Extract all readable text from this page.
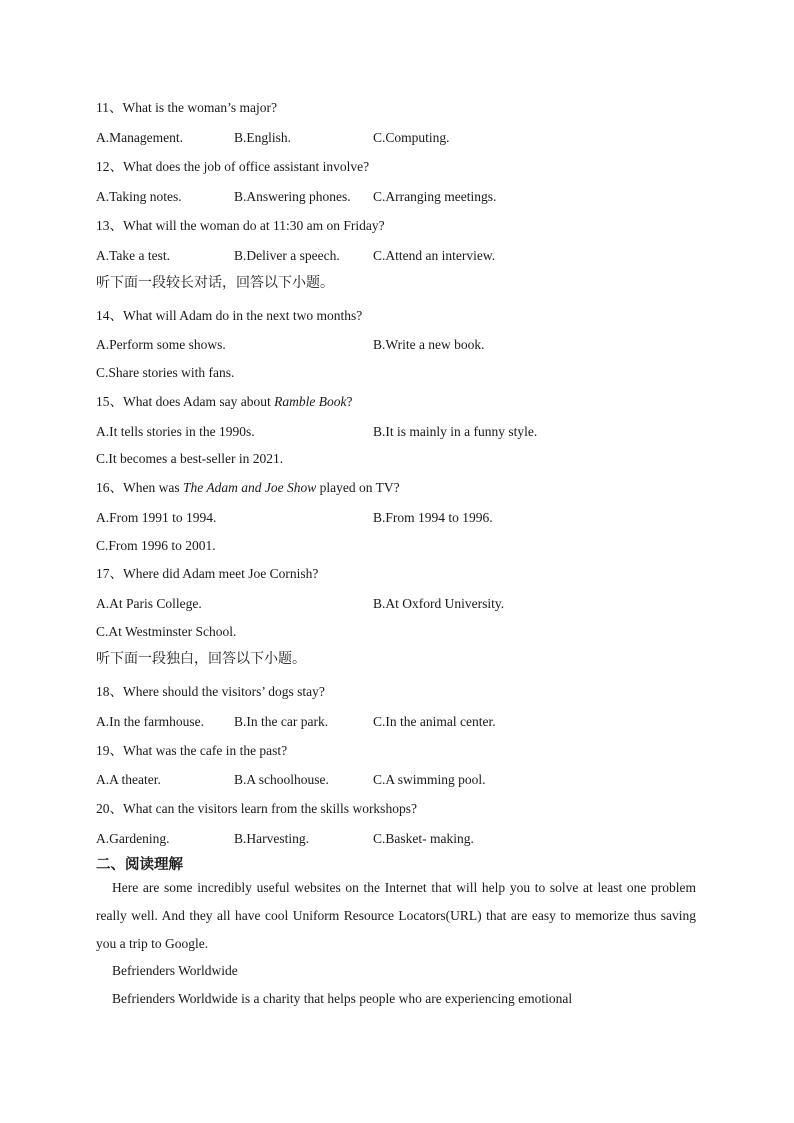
11、What is the woman’s major?
A.Management.	B.English.	C.Computing.
12、What does the job of office assistant involve?
A.Taking notes.	B.Answering phones. C.Arranging meetings.
13、What will the woman do at 11:30 am on Friday?
A.Take a test.	B.Deliver a speech. C.Attend an interview.
听下面一段较长对话，回答以下小题。
14、What will Adam do in the next two months?
A.Perform some shows.	B.Write a new book.
C.Share stories with fans.
15、What does Adam say about Ramble Book?
A.It tells stories in the 1990s.	B.It is mainly in a funny style.
C.It becomes a best-seller in 2021.
16、When was The Adam and Joe Show played on TV?
A.From 1991 to 1994.	B.From 1994 to 1996.
C.From 1996 to 2001.
17、Where did Adam meet Joe Cornish?
A.At Paris College.	B.At Oxford University.
C.At Westminster School.
听下面一段独白，回答以下小题。
18、Where should the visitors’ dogs stay?
A.In the farmhouse. B.In the car park.	C.In the animal center.
19、What was the cafe in the past?
A.A theater.	B.A schoolhouse.	C.A swimming pool.
20、What can the visitors learn from the skills workshops?
A.Gardening.	B.Harvesting.	C.Basket- making.
二、阅读理解
Here are some incredibly useful websites on the Internet that will help you to solve at least one problem really well. And they all have cool Uniform Resource Locators(URL) that are easy to memorize thus saving you a trip to Google.
Befrienders Worldwide
Befrienders Worldwide is a charity that helps people who are experiencing emotional
